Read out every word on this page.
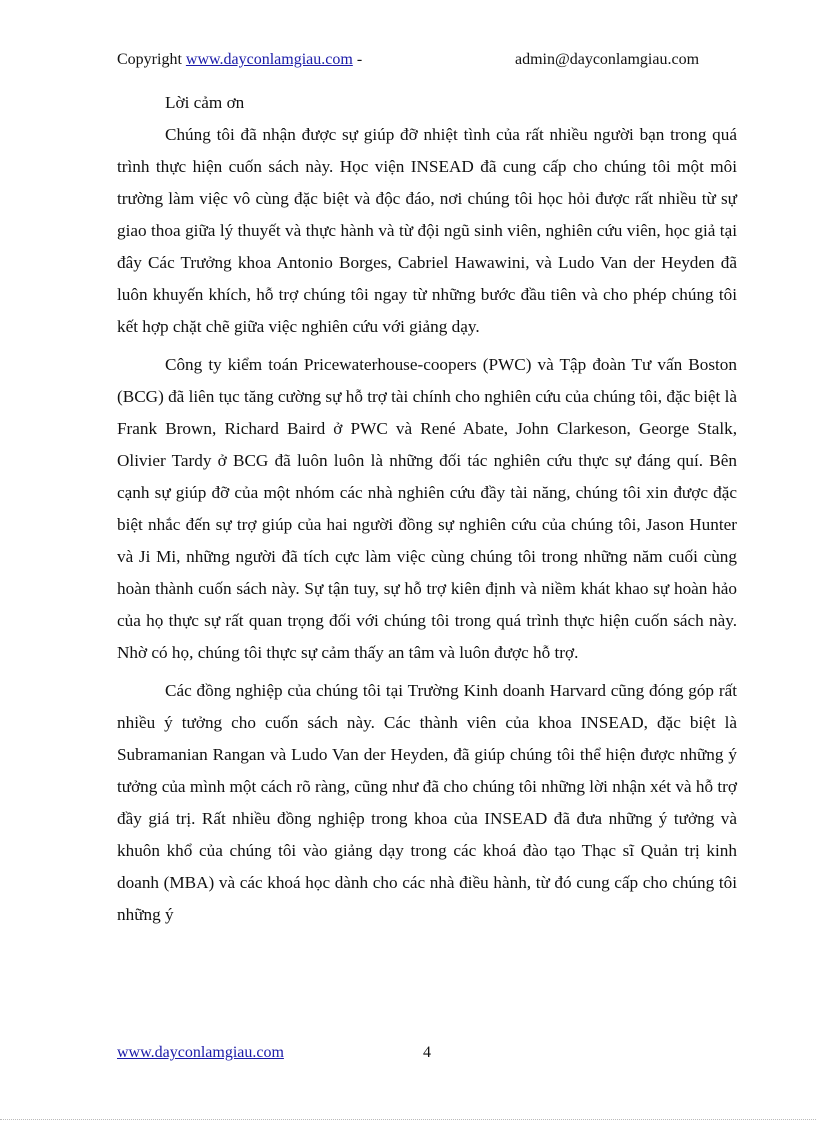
Copyright www.dayconlamgiau.com -	admin@dayconlamgiau.com

Lời cảm ơn

Chúng tôi đã nhận được sự giúp đỡ nhiệt tình của rất nhiều người bạn trong quá trình thực hiện cuốn sách này. Học viện INSEAD đã cung cấp cho chúng tôi một môi trường làm việc vô cùng đặc biệt và độc đáo, nơi chúng tôi học hỏi được rất nhiều từ sự giao thoa giữa lý thuyết và thực hành và từ đội ngũ sinh viên, nghiên cứu viên, học giả tại đây Các Trưởng khoa Antonio Borges, Cabriel Hawawini, và Ludo Van der Heyden đã luôn khuyến khích, hỗ trợ chúng tôi ngay từ những bước đầu tiên và cho phép chúng tôi kết hợp chặt chẽ giữa việc nghiên cứu với giảng dạy.

Công ty kiểm toán Pricewaterhouse-coopers (PWC) và Tập đoàn Tư vấn Boston (BCG) đã liên tục tăng cường sự hỗ trợ tài chính cho nghiên cứu của chúng tôi, đặc biệt là Frank Brown, Richard Baird ở PWC và René Abate, John Clarkeson, George Stalk, Olivier Tardy ở BCG đã luôn luôn là những đối tác nghiên cứu thực sự đáng quí. Bên cạnh sự giúp đỡ của một nhóm các nhà nghiên cứu đầy tài năng, chúng tôi xin được đặc biệt nhắc đến sự trợ giúp của hai người đồng sự nghiên cứu của chúng tôi, Jason Hunter và Ji Mi, những người đã tích cực làm việc cùng chúng tôi trong những năm cuối cùng hoàn thành cuốn sách này. Sự tận tuy, sự hỗ trợ kiên định và niềm khát khao sự hoàn hảo của họ thực sự rất quan trọng đối với chúng tôi trong quá trình thực hiện cuốn sách này. Nhờ có họ, chúng tôi thực sự cảm thấy an tâm và luôn được hỗ trợ.

Các đồng nghiệp của chúng tôi tại Trường Kinh doanh Harvard cũng đóng góp rất nhiều ý tưởng cho cuốn sách này. Các thành viên của khoa INSEAD, đặc biệt là Subramanian Rangan và Ludo Van der Heyden, đã giúp chúng tôi thể hiện được những ý tưởng của mình một cách rõ ràng, cũng như đã cho chúng tôi những lời nhận xét và hỗ trợ đầy giá trị. Rất nhiều đồng nghiệp trong khoa của INSEAD đã đưa những ý tưởng và khuôn khổ của chúng tôi vào giảng dạy trong các khoá đào tạo Thạc sĩ Quản trị kinh doanh (MBA) và các khoá học dành cho các nhà điều hành, từ đó cung cấp cho chúng tôi những ý

www.dayconlamgiau.com	4
